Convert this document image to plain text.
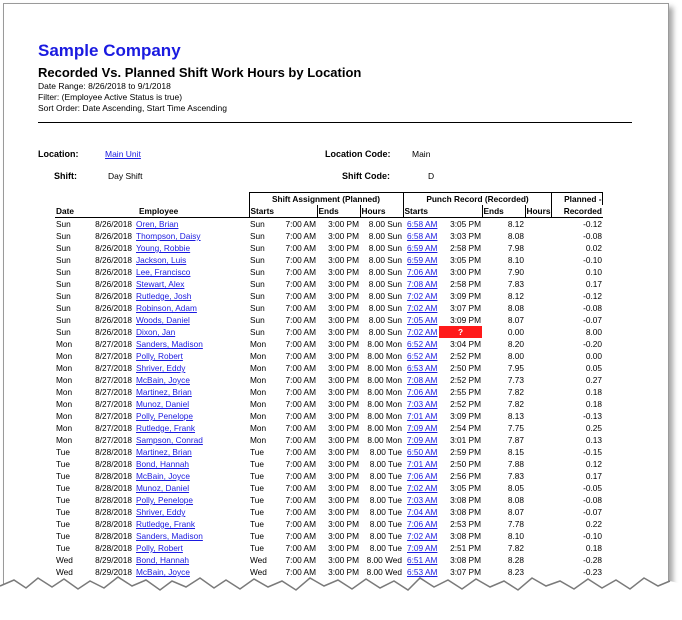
Sample Company
Recorded Vs. Planned Shift Work Hours by Location
Date Range: 8/26/2018 to 9/1/2018
Filter: (Employee Active Status is true)
Sort Order: Date Ascending, Start Time Ascending
Location:	Main Unit	Location Code:	Main
Shift:	Day Shift	Shift Code:	D
			Shift Assignment (Planned)				Punch Record (Recorded)				Planned -
Date		Employee	Starts		Ends	Hours	Starts		Ends	Hours	Recorded
Sun	8/26/2018	Oren, Brian	Sun	7:00 AM	3:00 PM	8.00 Sun	6:58 AM	3:05 PM	8.12		-0.12
Sun	8/26/2018	Thompson, Daisy	Sun	7:00 AM	3:00 PM	8.00 Sun	6:58 AM	3:03 PM	8.08		-0.08
Sun	8/26/2018	Young, Robbie	Sun	7:00 AM	3:00 PM	8.00 Sun	6:59 AM	2:58 PM	7.98		0.02
Sun	8/26/2018	Jackson, Luis	Sun	7:00 AM	3:00 PM	8.00 Sun	6:59 AM	3:05 PM	8.10		-0.10
Sun	8/26/2018	Lee, Francisco	Sun	7:00 AM	3:00 PM	8.00 Sun	7:06 AM	3:00 PM	7.90		0.10
Sun	8/26/2018	Stewart, Alex	Sun	7:00 AM	3:00 PM	8.00 Sun	7:08 AM	2:58 PM	7.83		0.17
Sun	8/26/2018	Rutledge, Josh	Sun	7:00 AM	3:00 PM	8.00 Sun	7:02 AM	3:09 PM	8.12		-0.12
Sun	8/26/2018	Robinson, Adam	Sun	7:00 AM	3:00 PM	8.00 Sun	7:02 AM	3:07 PM	8.08		-0.08
Sun	8/26/2018	Woods, Daniel	Sun	7:00 AM	3:00 PM	8.00 Sun	7:05 AM	3:09 PM	8.07		-0.07
Sun	8/26/2018	Dixon, Jan	Sun	7:00 AM	3:00 PM	8.00 Sun	7:02 AM	?	0.00		8.00
Mon	8/27/2018	Sanders, Madison	Mon	7:00 AM	3:00 PM	8.00 Mon	6:52 AM	3:04 PM	8.20		-0.20
Mon	8/27/2018	Polly, Robert	Mon	7:00 AM	3:00 PM	8.00 Mon	6:52 AM	2:52 PM	8.00		0.00
Mon	8/27/2018	Shriver, Eddy	Mon	7:00 AM	3:00 PM	8.00 Mon	6:53 AM	2:50 PM	7.95		0.05
Mon	8/27/2018	McBain, Joyce	Mon	7:00 AM	3:00 PM	8.00 Mon	7:08 AM	2:52 PM	7.73		0.27
Mon	8/27/2018	Martinez, Brian	Mon	7:00 AM	3:00 PM	8.00 Mon	7:06 AM	2:55 PM	7.82		0.18
Mon	8/27/2018	Munoz, Daniel	Mon	7:00 AM	3:00 PM	8.00 Mon	7:03 AM	2:52 PM	7.82		0.18
Mon	8/27/2018	Polly, Penelope	Mon	7:00 AM	3:00 PM	8.00 Mon	7:01 AM	3:09 PM	8.13		-0.13
Mon	8/27/2018	Rutledge, Frank	Mon	7:00 AM	3:00 PM	8.00 Mon	7:09 AM	2:54 PM	7.75		0.25
Mon	8/27/2018	Sampson, Conrad	Mon	7:00 AM	3:00 PM	8.00 Mon	7:09 AM	3:01 PM	7.87		0.13
Tue	8/28/2018	Martinez, Brian	Tue	7:00 AM	3:00 PM	8.00 Tue	6:50 AM	2:59 PM	8.15		-0.15
Tue	8/28/2018	Bond, Hannah	Tue	7:00 AM	3:00 PM	8.00 Tue	7:01 AM	2:50 PM	7.88		0.12
Tue	8/28/2018	McBain, Joyce	Tue	7:00 AM	3:00 PM	8.00 Tue	7:06 AM	2:56 PM	7.83		0.17
Tue	8/28/2018	Munoz, Daniel	Tue	7:00 AM	3:00 PM	8.00 Tue	7:02 AM	3:05 PM	8.05		-0.05
Tue	8/28/2018	Polly, Penelope	Tue	7:00 AM	3:00 PM	8.00 Tue	7:03 AM	3:08 PM	8.08		-0.08
Tue	8/28/2018	Shriver, Eddy	Tue	7:00 AM	3:00 PM	8.00 Tue	7:04 AM	3:08 PM	8.07		-0.07
Tue	8/28/2018	Rutledge, Frank	Tue	7:00 AM	3:00 PM	8.00 Tue	7:06 AM	2:53 PM	7.78		0.22
Tue	8/28/2018	Sanders, Madison	Tue	7:00 AM	3:00 PM	8.00 Tue	7:02 AM	3:08 PM	8.10		-0.10
Tue	8/28/2018	Polly, Robert	Tue	7:00 AM	3:00 PM	8.00 Tue	7:09 AM	2:51 PM	7.82		0.18
Wed	8/29/2018	Bond, Hannah	Wed	7:00 AM	3:00 PM	8.00 Wed	6:51 AM	3:08 PM	8.28		-0.28
Wed	8/29/2018	McBain, Joyce	Wed	7:00 AM	3:00 PM	8.00 Wed	6:53 AM	3:07 PM	8.23		-0.23
